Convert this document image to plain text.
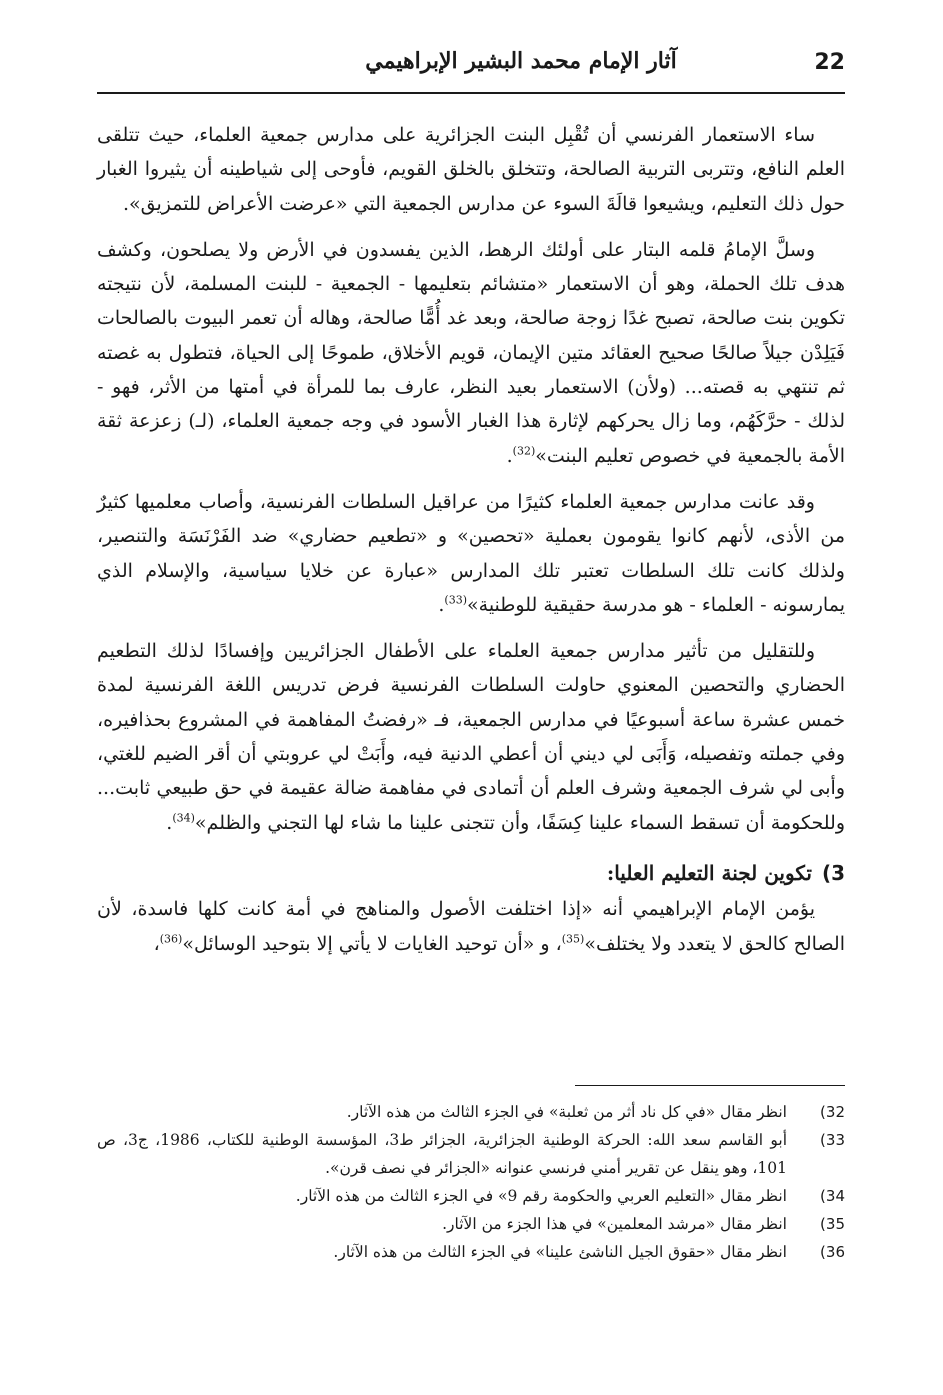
22
آثار الإمام محمد البشير الإبراهيمي

ساء الاستعمار الفرنسي أن تُقْبِل البنت الجزائرية على مدارس جمعية العلماء، حيث تتلقى العلم النافع، وتتربى التربية الصالحة، وتتخلق بالخلق القويم، فأوحى إلى شياطينه أن يثيروا الغبار حول ذلك التعليم، ويشيعوا قالَةَ السوء عن مدارس الجمعية التي «عرضت الأعراض للتمزيق».

وسلَّ الإمامُ قلمه البتار على أولئك الرهط، الذين يفسدون في الأرض ولا يصلحون، وكشف هدف تلك الحملة، وهو أن الاستعمار «متشائم بتعليمها - الجمعية - للبنت المسلمة، لأن نتيجته تكوين بنت صالحة، تصبح غدًا زوجة صالحة، وبعد غد أُمًّا صالحة، وهاله أن تعمر البيوت بالصالحات فَيَلِدْن جيلاً صالحًا صحيح العقائد متين الإيمان، قويم الأخلاق، طموحًا إلى الحياة، فتطول به غصته ثم تنتهي به قصته... (ولأن) الاستعمار بعيد النظر، عارف بما للمرأة في أمتها من الأثر، فهو - لذلك - حرَّكَهُم، وما زال يحركهم لإثارة هذا الغبار الأسود في وجه جمعية العلماء، (لـ) زعزعة ثقة الأمة بالجمعية في خصوص تعليم البنت»$^{(32)}$.

وقد عانت مدارس جمعية العلماء كثيرًا من عراقيل السلطات الفرنسية، وأصاب معلميها كثيرٌ من الأذى، لأنهم كانوا يقومون بعملية «تحصين» و «تطعيم حضاري» ضد الفَرْنَسَة والتنصير، ولذلك كانت تلك السلطات تعتبر تلك المدارس «عبارة عن خلايا سياسية، والإسلام الذي يمارسونه - العلماء - هو مدرسة حقيقية للوطنية»$^{(33)}$.

وللتقليل من تأثير مدارس جمعية العلماء على الأطفال الجزائريين وإفسادًا لذلك التطعيم الحضاري والتحصين المعنوي حاولت السلطات الفرنسية فرض تدريس اللغة الفرنسية لمدة خمس عشرة ساعة أسبوعيًا في مدارس الجمعية، فـ «رفضتُ المفاهمة في المشروع بحذافيره، وفي جملته وتفصيله، وَأَبَى لي ديني أن أعطي الدنية فيه، وأَبَتْ لي عروبتي أن أقر الضيم للغتي، وأبى لي شرف الجمعية وشرف العلم أن أتمادى في مفاهمة ضالة عقيمة في حق طبيعي ثابت... وللحكومة أن تسقط السماء علينا كِسَفًا، وأن تتجنى علينا ما شاء لها التجني والظلم»$^{(34)}$.

3)تكوين لجنة التعليم العليا:

يؤمن الإمام الإبراهيمي أنه «إذا اختلفت الأصول والمناهج في أمة كانت كلها فاسدة، لأن الصالح كالحق لا يتعدد ولا يختلف»$^{(35)}$، و «أن توحيد الغايات لا يأتي إلا بتوحيد الوسائل»$^{(36)}$،

32)
انظر مقال «في كل ناد أثر من ثعلبة» في الجزء الثالث من هذه الآثار.
33)
أبو القاسم سعد الله: الحركة الوطنية الجزائرية، الجزائر ط3، المؤسسة الوطنية للكتاب، 1986، ج3، ص 101، وهو ينقل عن تقرير أمني فرنسي عنوانه «الجزائر في نصف قرن».
34)
انظر مقال «التعليم العربي والحكومة رقم 9» في الجزء الثالث من هذه الآثار.
35)
انظر مقال «مرشد المعلمين» في هذا الجزء من الآثار.
36)
انظر مقال «حقوق الجيل الناشئ علينا» في الجزء الثالث من هذه الآثار.
